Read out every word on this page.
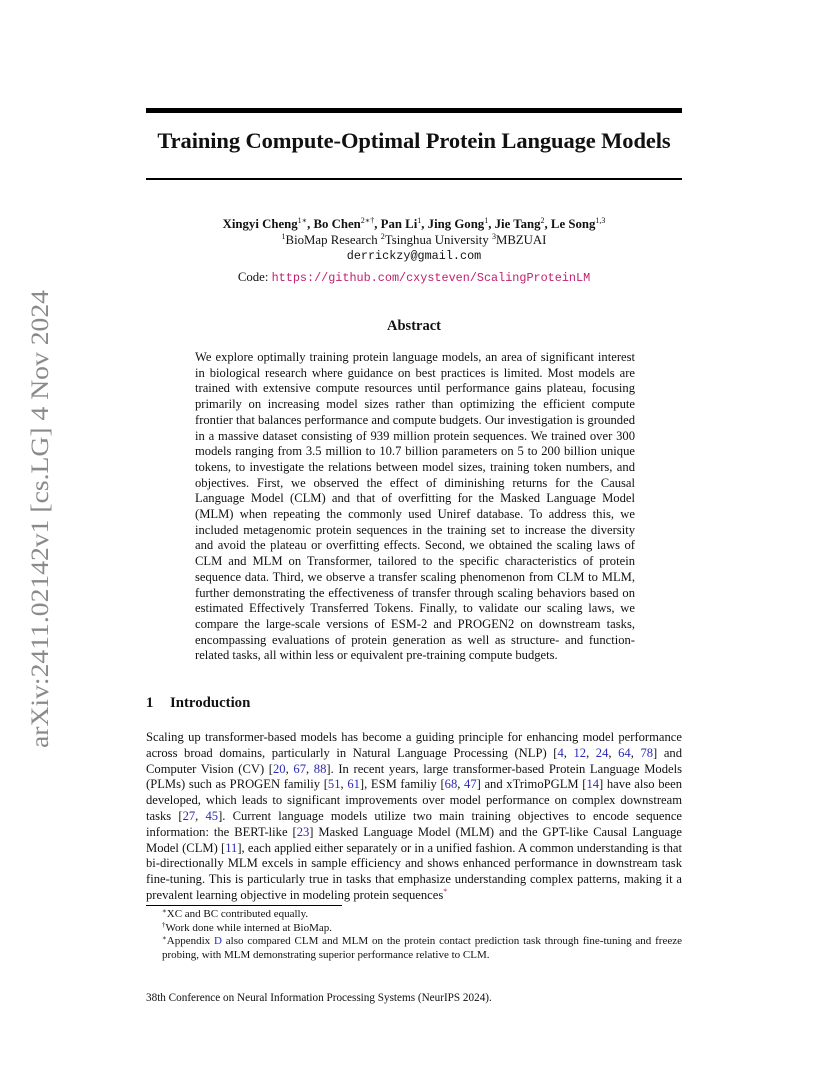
arXiv:2411.02142v1 [cs.LG] 4 Nov 2024
Training Compute-Optimal Protein Language Models
Xingyi Cheng$^{1∗}$, Bo Chen$^{2∗\dagger}$, Pan Li$^1$, Jing Gong$^1$, Jie Tang$^2$, Le Song$^{1,3}$
$^1$BioMap Research $^2$Tsinghua University $^3$MBZUAI
derrickzy@gmail.com
Code: https://github.com/cxysteven/ScalingProteinLM
Abstract

We explore optimally training protein language models, an area of significant interest in biological research where guidance on best practices is limited. Most models are trained with extensive compute resources until performance gains plateau, focusing primarily on increasing model sizes rather than optimizing the efficient compute frontier that balances performance and compute budgets. Our investigation is grounded in a massive dataset consisting of 939 million protein sequences. We trained over 300 models ranging from 3.5 million to 10.7 billion parameters on 5 to 200 billion unique tokens, to investigate the relations between model sizes, training token numbers, and objectives. First, we observed the effect of diminishing returns for the Causal Language Model (CLM) and that of overfitting for the Masked Language Model (MLM) when repeating the commonly used Uniref database. To address this, we included metagenomic protein sequences in the training set to increase the diversity and avoid the plateau or overfitting effects. Second, we obtained the scaling laws of CLM and MLM on Transformer, tailored to the specific characteristics of protein sequence data. Third, we observe a transfer scaling phenomenon from CLM to MLM, further demonstrating the effectiveness of transfer through scaling behaviors based on estimated Effectively Transferred Tokens. Finally, to validate our scaling laws, we compare the large-scale versions of ESM-2 and PROGEN2 on downstream tasks, encompassing evaluations of protein generation as well as structure- and function-related tasks, all within less or equivalent pre-training compute budgets.

1 Introduction

Scaling up transformer-based models has become a guiding principle for enhancing model performance across broad domains, particularly in Natural Language Processing (NLP) [4, 12, 24, 64, 78] and Computer Vision (CV) [20, 67, 88]. In recent years, large transformer-based Protein Language Models (PLMs) such as PROGEN familiy [51, 61], ESM familiy [68, 47] and xTrimoPGLM [14] have also been developed, which leads to significant improvements over model performance on complex downstream tasks [27, 45]. Current language models utilize two main training objectives to encode sequence information: the BERT-like [23] Masked Language Model (MLM) and the GPT-like Causal Language Model (CLM) [11], each applied either separately or in a unified fashion. A common understanding is that bi-directionally MLM excels in sample efficiency and shows enhanced performance in downstream task fine-tuning. This is particularly true in tasks that emphasize understanding complex patterns, making it a prevalent learning objective in modeling protein sequences*

∗XC and BC contributed equally.

†Work done while interned at BioMap.

∗Appendix D also compared CLM and MLM on the protein contact prediction task through fine-tuning and freeze probing, with MLM demonstrating superior performance relative to CLM.

38th Conference on Neural Information Processing Systems (NeurIPS 2024).
